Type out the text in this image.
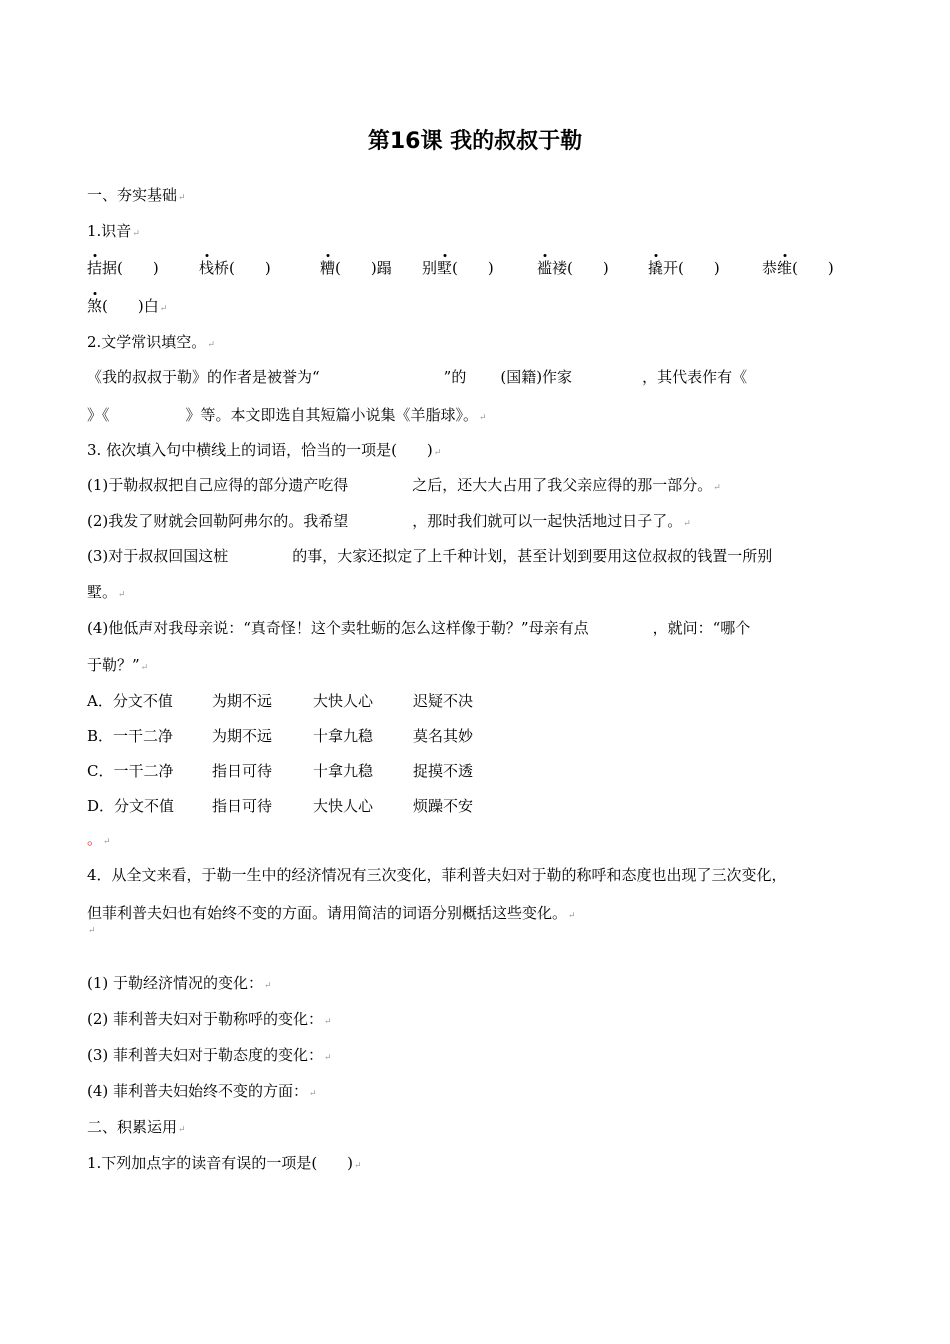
第16课 我的叔叔于勒
一、夯实基础↵
1.识音↵
拮据(　　)	栈桥(　　)	糟(　　)蹋 别墅(　　)	褴褛(　　)	撬开(　　)	恭维(　　)
煞(　　)白↵
2.文学常识填空。↵
《我的叔叔于勒》的作者是被誉为“	”的 (国籍)作家	，其代表作有《
》《	》等。本文即选自其短篇小说集《羊脂球》。↵
3. 依次填入句中横线上的词语，恰当的一项是(　　)↵
(1)于勒叔叔把自己应得的部分遗产吃得	之后，还大大占用了我父亲应得的那一部分。↵
(2)我发了财就会回勒阿弗尔的。我希望	，那时我们就可以一起快活地过日子了。↵
(3)对于叔叔回国这桩	的事，大家还拟定了上千种计划，甚至计划到要用这位叔叔的钱置一所别
墅。↵
(4)他低声对我母亲说：“真奇怪！这个卖牡蛎的怎么这样像于勒？”母亲有点	，就问：“哪个
于勒？”↵
A．分文不值	为期不远	大快人心	迟疑不决
B．一干二净	为期不远	十拿九稳	莫名其妙
C．一干二净	指日可待	十拿九稳	捉摸不透
D．分文不值	指日可待	大快人心	烦躁不安
。↵
4．从全文来看，于勒一生中的经济情况有三次变化，菲利普夫妇对于勒的称呼和态度也出现了三次变化，
但菲利普夫妇也有始终不变的方面。请用简洁的词语分别概括这些变化。↵
↵
(1) 于勒经济情况的变化：↵
(2) 菲利普夫妇对于勒称呼的变化：↵
(3) 菲利普夫妇对于勒态度的变化：↵
(4) 菲利普夫妇始终不变的方面：↵
二、积累运用↵
1.下列加点字的读音有误的一项是(　　)↵
